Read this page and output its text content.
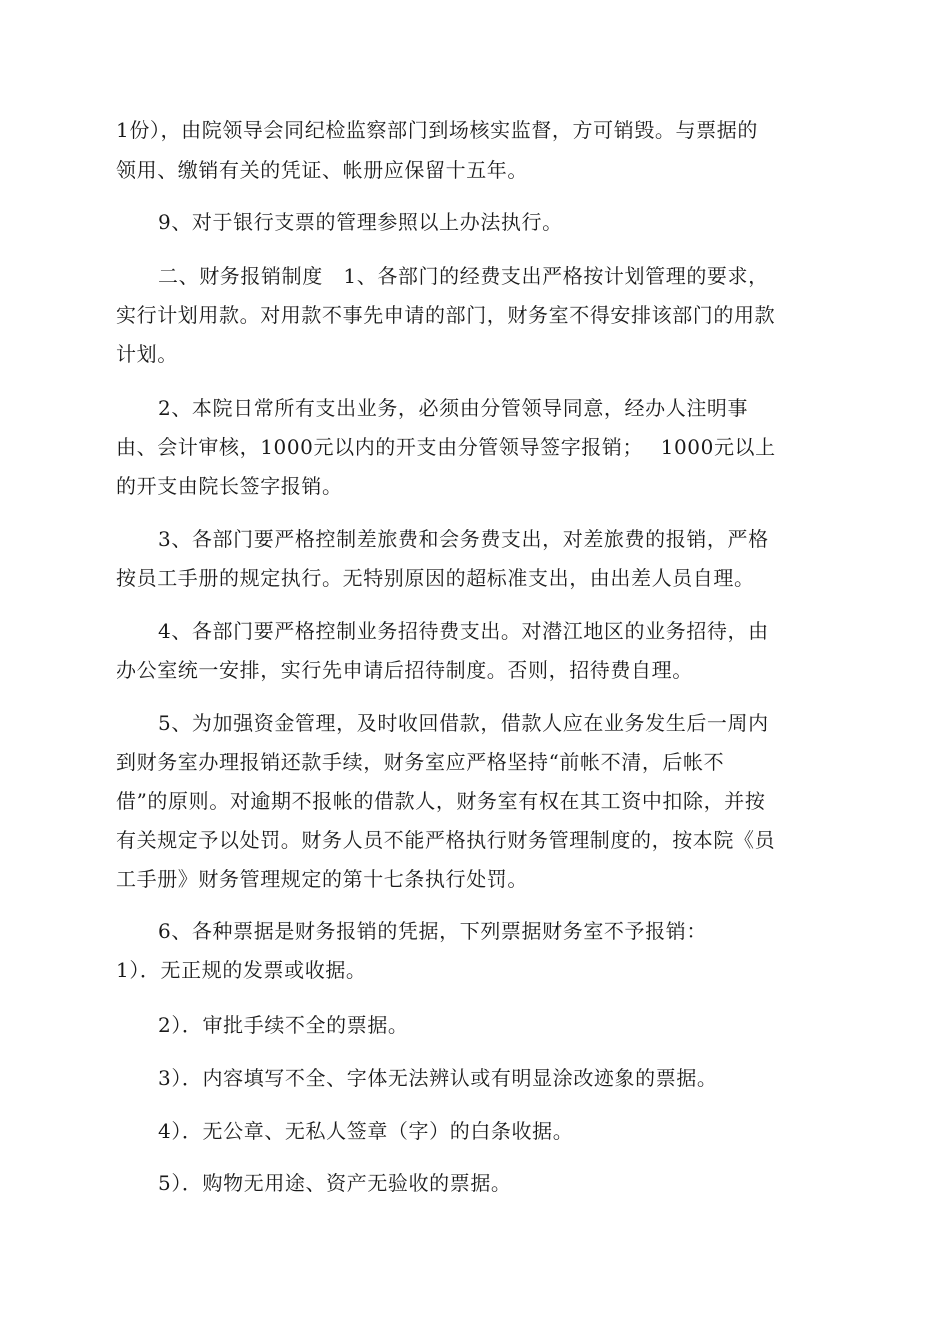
1份），由院领导会同纪检监察部门到场核实监督，方可销毁。与票据的
领用、缴销有关的凭证、帐册应保留十五年。
9、对于银行支票的管理参照以上办法执行。
二、财务报销制度　1、各部门的经费支出严格按计划管理的要求，
实行计划用款。对用款不事先申请的部门，财务室不得安排该部门的用款
计划。
2、本院日常所有支出业务，必须由分管领导同意，经办人注明事
由、会计审核，1000元以内的开支由分管领导签字报销；　 1000元以上
的开支由院长签字报销。
3、各部门要严格控制差旅费和会务费支出，对差旅费的报销，严格
按员工手册的规定执行。无特别原因的超标准支出，由出差人员自理。
4、各部门要严格控制业务招待费支出。对潜江地区的业务招待，由
办公室统一安排，实行先申请后招待制度。否则，招待费自理。
5、为加强资金管理，及时收回借款，借款人应在业务发生后一周内
到财务室办理报销还款手续，财务室应严格坚持“前帐不清，后帐不
借”的原则。对逾期不报帐的借款人，财务室有权在其工资中扣除，并按
有关规定予以处罚。财务人员不能严格执行财务管理制度的，按本院《员
工手册》财务管理规定的第十七条执行处罚。
6、各种票据是财务报销的凭据，下列票据财务室不予报销：
1）．无正规的发票或收据。
2）．审批手续不全的票据。
3）．内容填写不全、字体无法辨认或有明显涂改迹象的票据。
4）．无公章、无私人签章（字）的白条收据。
5）．购物无用途、资产无验收的票据。
